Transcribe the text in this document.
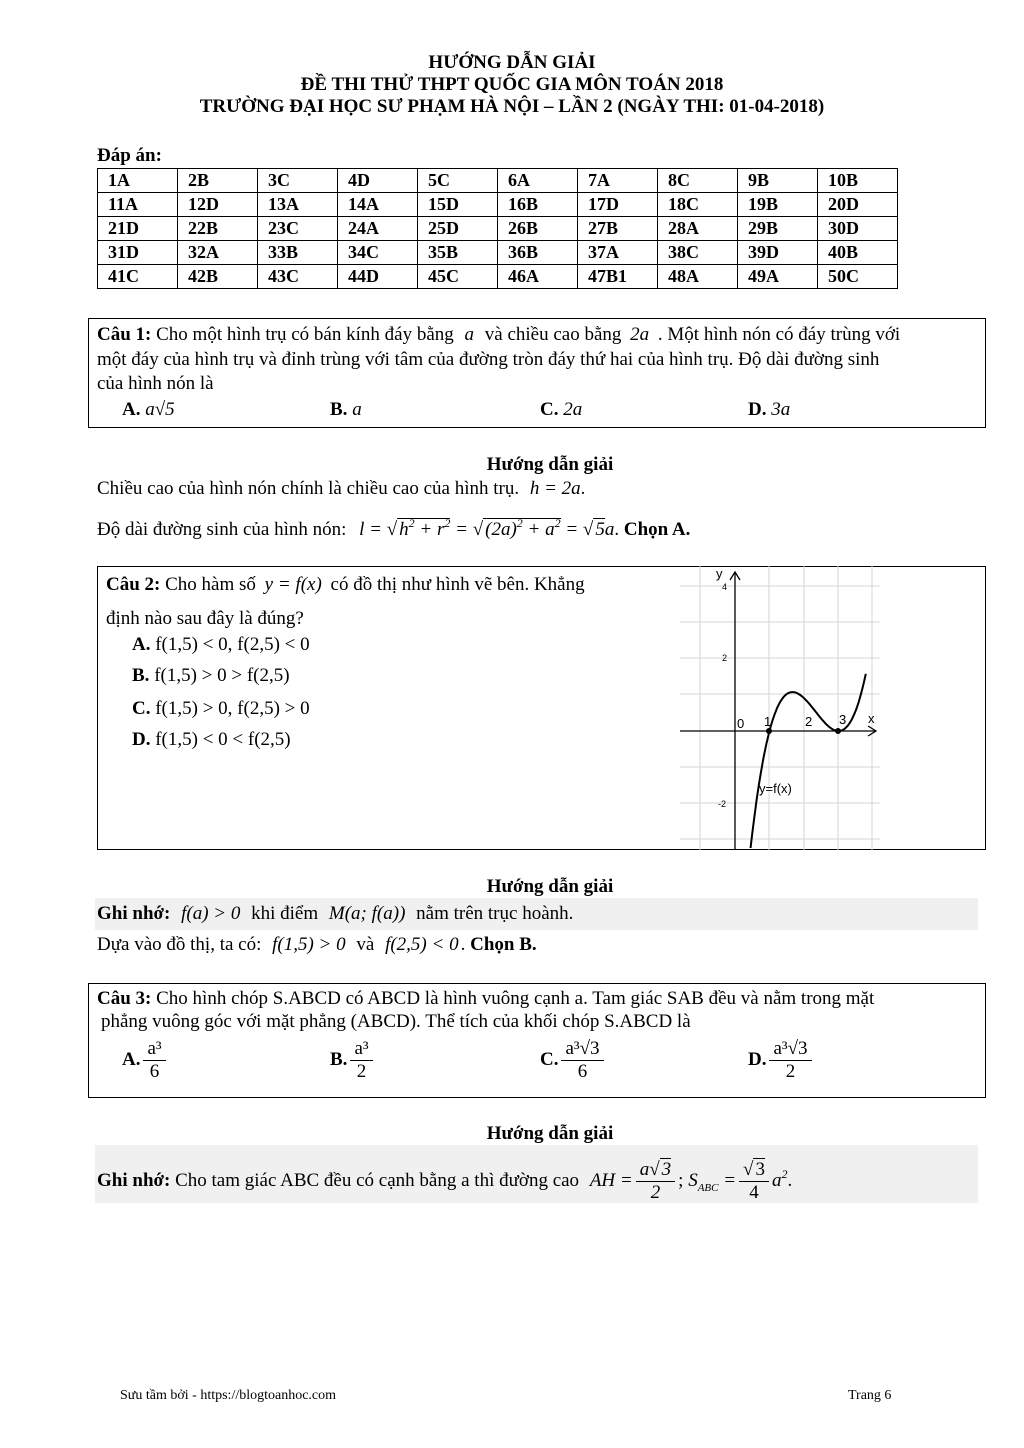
HƯỚNG DẪN GIẢI
ĐỀ THI THỬ THPT QUỐC GIA MÔN TOÁN 2018
TRƯỜNG ĐẠI HỌC SƯ PHẠM HÀ NỘI – LẦN 2 (NGÀY THI: 01-04-2018)
Đáp án:
1A	2B	3C	4D	5C	6A	7A	8C	9B	10B
11A	12D	13A	14A	15D	16B	17D	18C	19B	20D
21D	22B	23C	24A	25D	26B	27B	28A	29B	30D
31D	32A	33B	34C	35B	36B	37A	38C	39D	40B
41C	42B	43C	44D	45C	46A	47B1	48A	49A	50C
Câu 1: Cho một hình trụ có bán kính đáy bằng a và chiều cao bằng 2a . Một hình nón có đáy trùng với
một đáy của hình trụ và đỉnh trùng với tâm của đường tròn đáy thứ hai của hình trụ. Độ dài đường sinh
của hình nón là
A. a√5	B. a	C. 2a	D. 3a
Hướng dẫn giải
Chiều cao của hình nón chính là chiều cao của hình trụ. h = 2a.
Độ dài đường sinh của hình nón: l = √ $h^2 + r^2$ = √ $(2a)^2 + a^2$ = √ 5a. Chọn A.
Câu 2: Cho hàm số y = f(x) có đồ thị như hình vẽ bên. Khẳng
định nào sau đây là đúng?
A. f(1,5) < 0, f(2,5) < 0
B. f(1,5) > 0 > f(2,5)
C. f(1,5) > 0, f(2,5) > 0
D. f(1,5) < 0 < f(2,5)
y
x
0 1	2 3
y=f(x)
4
2
-2
Hướng dẫn giải
Ghi nhớ: f(a) > 0 khi điểm M(a; f(a)) nằm trên trục hoành.
Dựa vào đồ thị, ta có: f(1,5) > 0 và f(2,5) < 0 . Chọn B.
Câu 3: Cho hình chóp S.ABCD có ABCD là hình vuông cạnh a. Tam giác SAB đều và nằm trong mặt
phẳng vuông góc với mặt phẳng (ABCD). Thể tích của khối chóp S.ABCD là
A. $\frac{\text{a³}}{6}$	B. $\frac{\text{a³}}{2}$	C. $\frac{\text{a³√3}}{6}$	D. $\frac{\text{a³√3}}{2}$
Hướng dẫn giải
Ghi nhớ: Cho tam giác ABC đều có cạnh bằng a thì đường cao AH = $\frac{a√ 3}{2}$ ; $S_{ABC} = \frac{√ 3}{4} a^2$.
Sưu tầm bởi - https://blogtoanhoc.com	Trang 6
